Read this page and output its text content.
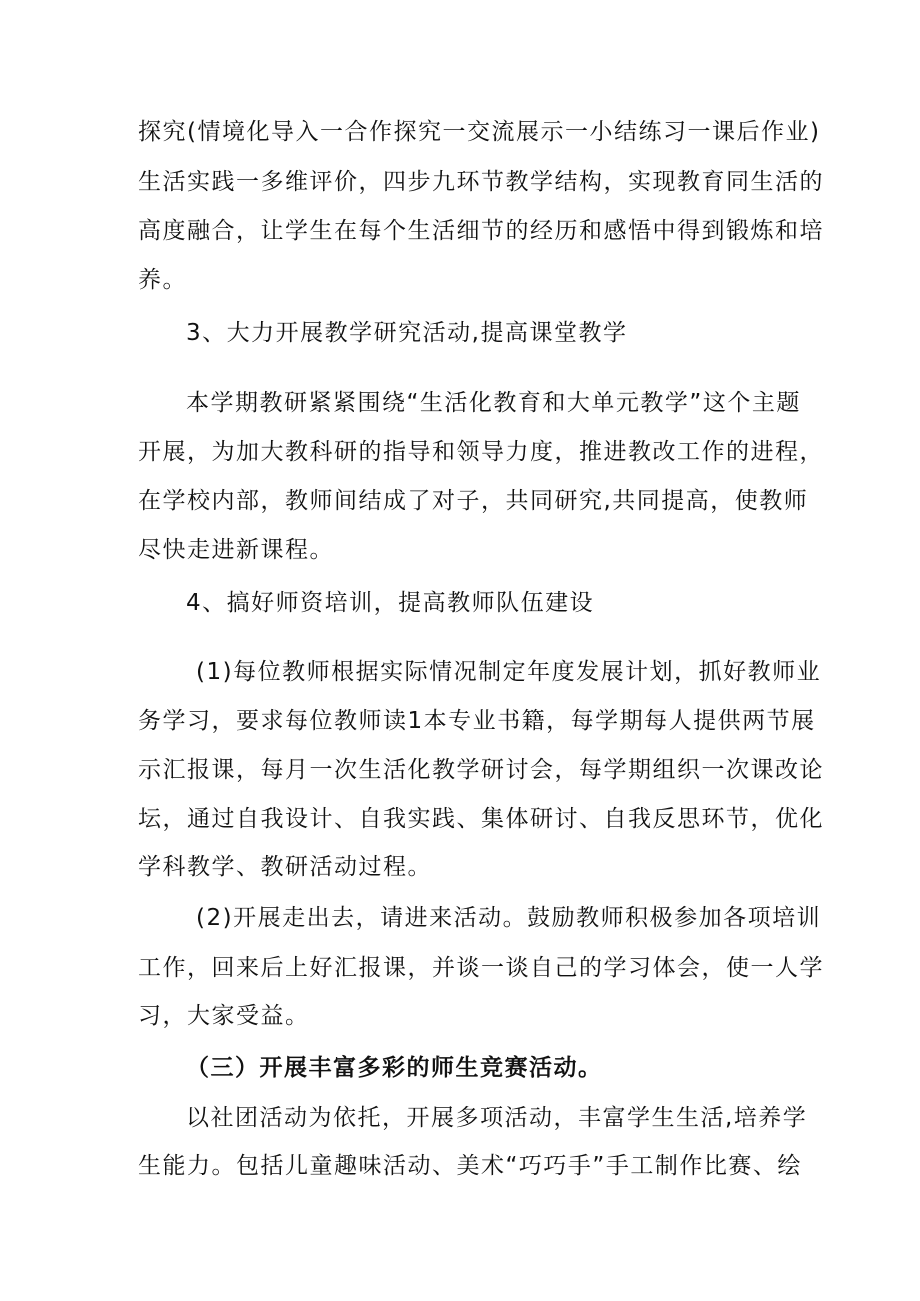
探究(情境化导入一合作探究一交流展示一小结练习一课后作业)
生活实践一多维评价，四步九环节教学结构，实现教育同生活的
高度融合，让学生在每个生活细节的经历和感悟中得到锻炼和培
养。
3、大力开展教学研究活动,提高课堂教学
本学期教研紧紧围绕“生活化教育和大单元教学”这个主题
开展，为加大教科研的指导和领导力度，推进教改工作的进程，
在学校内部，教师间结成了对子，共同研究,共同提高，使教师
尽快走进新课程。
4、搞好师资培训，提高教师队伍建设
(1)每位教师根据实际情况制定年度发展计划，抓好教师业
务学习，要求每位教师读1本专业书籍，每学期每人提供两节展
示汇报课，每月一次生活化教学研讨会，每学期组织一次课改论
坛，通过自我设计、自我实践、集体研讨、自我反思环节，优化
学科教学、教研活动过程。
(2)开展走出去，请进来活动。鼓励教师积极参加各项培训
工作，回来后上好汇报课，并谈一谈自己的学习体会，使一人学
习，大家受益。
（三）开展丰富多彩的师生竞赛活动。
以社团活动为依托，开展多项活动，丰富学生生活,培养学
生能力。包括儿童趣味活动、美术“巧巧手”手工制作比赛、绘
